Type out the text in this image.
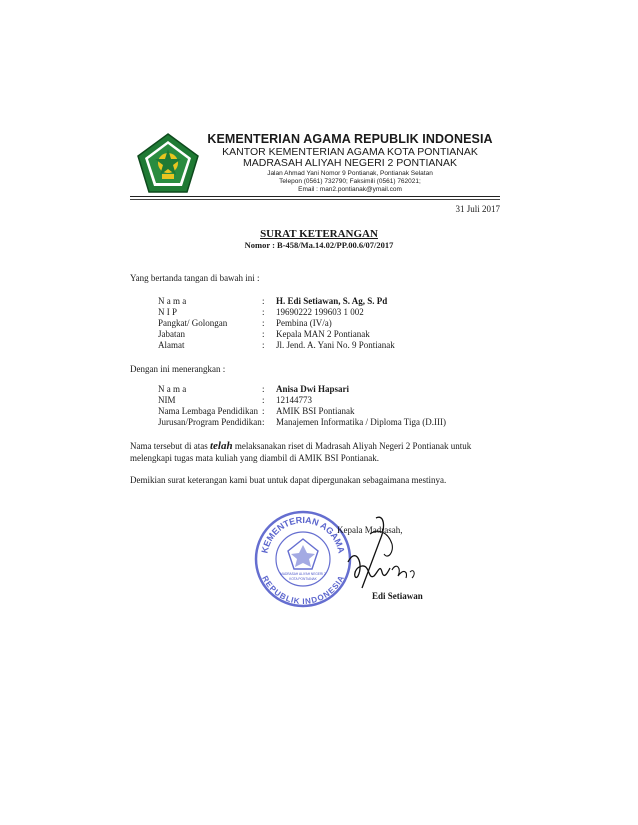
KEMENTERIAN AGAMA REPUBLIK INDONESIA
KANTOR KEMENTERIAN AGAMA KOTA PONTIANAK
MADRASAH ALIYAH NEGERI 2 PONTIANAK
Jalan Ahmad Yani Nomor 9 Pontianak, Pontianak Selatan
Telepon (0561) 732790; Faksimili (0561) 762021;
Email : man2.pontianak@ymail.com
31 Juli 2017
SURAT KETERANGAN
Nomor : B-458/Ma.14.02/PP.00.6/07/2017
Yang bertanda tangan di bawah ini :
N a m a	: H. Edi Setiawan, S. Ag, S. Pd
N I P	: 19690222 199603 1 002
Pangkat/ Golongan	: Pembina (IV/a)
Jabatan	: Kepala MAN 2 Pontianak
Alamat	: Jl. Jend. A. Yani No. 9 Pontianak
Dengan ini menerangkan :
N a m a	: Anisa Dwi Hapsari
NIM	: 12144773
Nama Lembaga Pendidikan : AMIK BSI Pontianak
Jurusan/Program Pendidikan : Manajemen Informatika / Diploma Tiga (D.III)
Nama tersebut di atas telah melaksanakan riset di Madrasah Aliyah Negeri 2 Pontianak untuk melengkapi tugas mata kuliah yang diambil di AMIK BSI Pontianak.
Demikian surat keterangan kami buat untuk dapat dipergunakan sebagaimana mestinya.
KEMENTERIAN AGAMA
REPUBLIK INDONESIA
MADRASAH ALIYAH NEGERI 2
KOTA PONTIANAK
Kepala Madrasah,
Edi Setiawan
